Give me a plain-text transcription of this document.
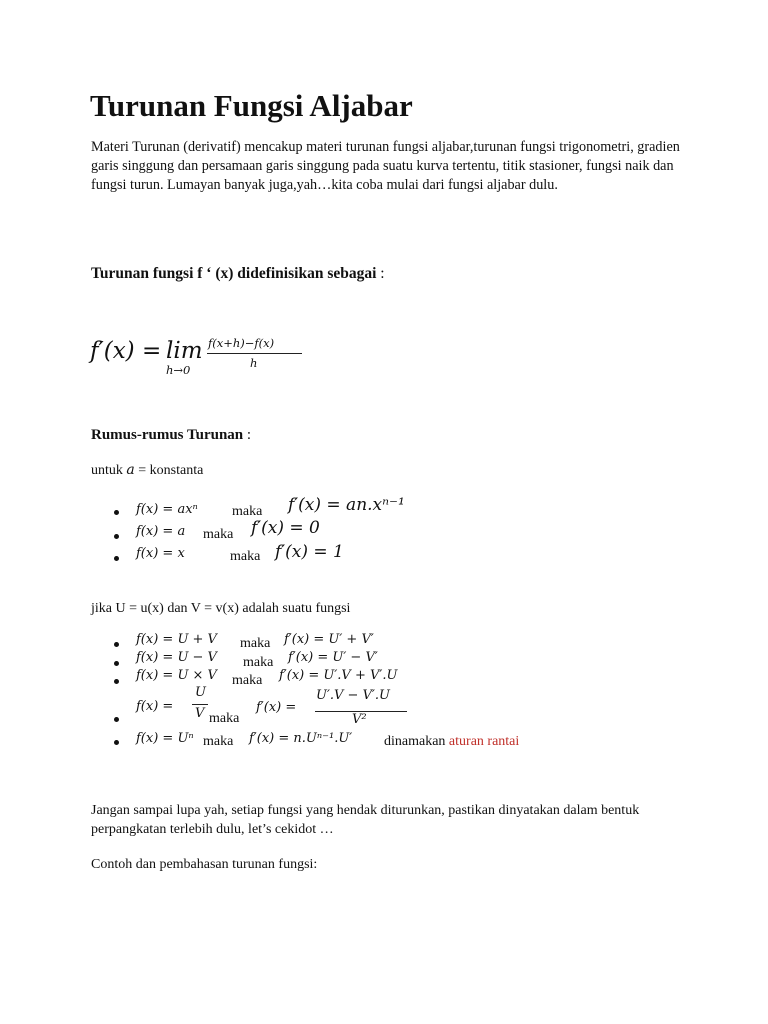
Turunan Fungsi Aljabar
Materi Turunan (derivatif) mencakup materi turunan fungsi aljabar,turunan fungsi trigonometri, gradien garis singgung dan persamaan garis singgung pada suatu kurva tertentu, titik stasioner, fungsi naik dan fungsi turun. Lumayan banyak juga,yah…kita coba mulai dari fungsi aljabar dulu.
Turunan fungsi f ‘ (x) didefinisikan sebagai :
f′(x) = lim
h→0
f(x+h)−f(x)
h
Rumus-rumus Turunan :
untuk a = konstanta
f(x) = axⁿ maka f′(x) = an.xⁿ⁻¹
f(x) = a maka f′(x) = 0
f(x) = x	maka f′(x) = 1
jika U = u(x) dan V = v(x) adalah suatu fungsi
f(x) = U + V maka f′(x) = U′ + V′
f(x) = U − V maka f′(x) = U′ − V′
f(x) = U × V maka f′(x) = U′.V + V′.U
f(x) =
U
V maka
f′(x) =
U′.V − V′.U
V²
f(x) = Uⁿ maka f′(x) = n.Uⁿ⁻¹.U′ dinamakan aturan rantai
Jangan sampai lupa yah, setiap fungsi yang hendak diturunkan, pastikan dinyatakan dalam bentuk perpangkatan terlebih dulu, let’s cekidot …
Contoh dan pembahasan turunan fungsi:
